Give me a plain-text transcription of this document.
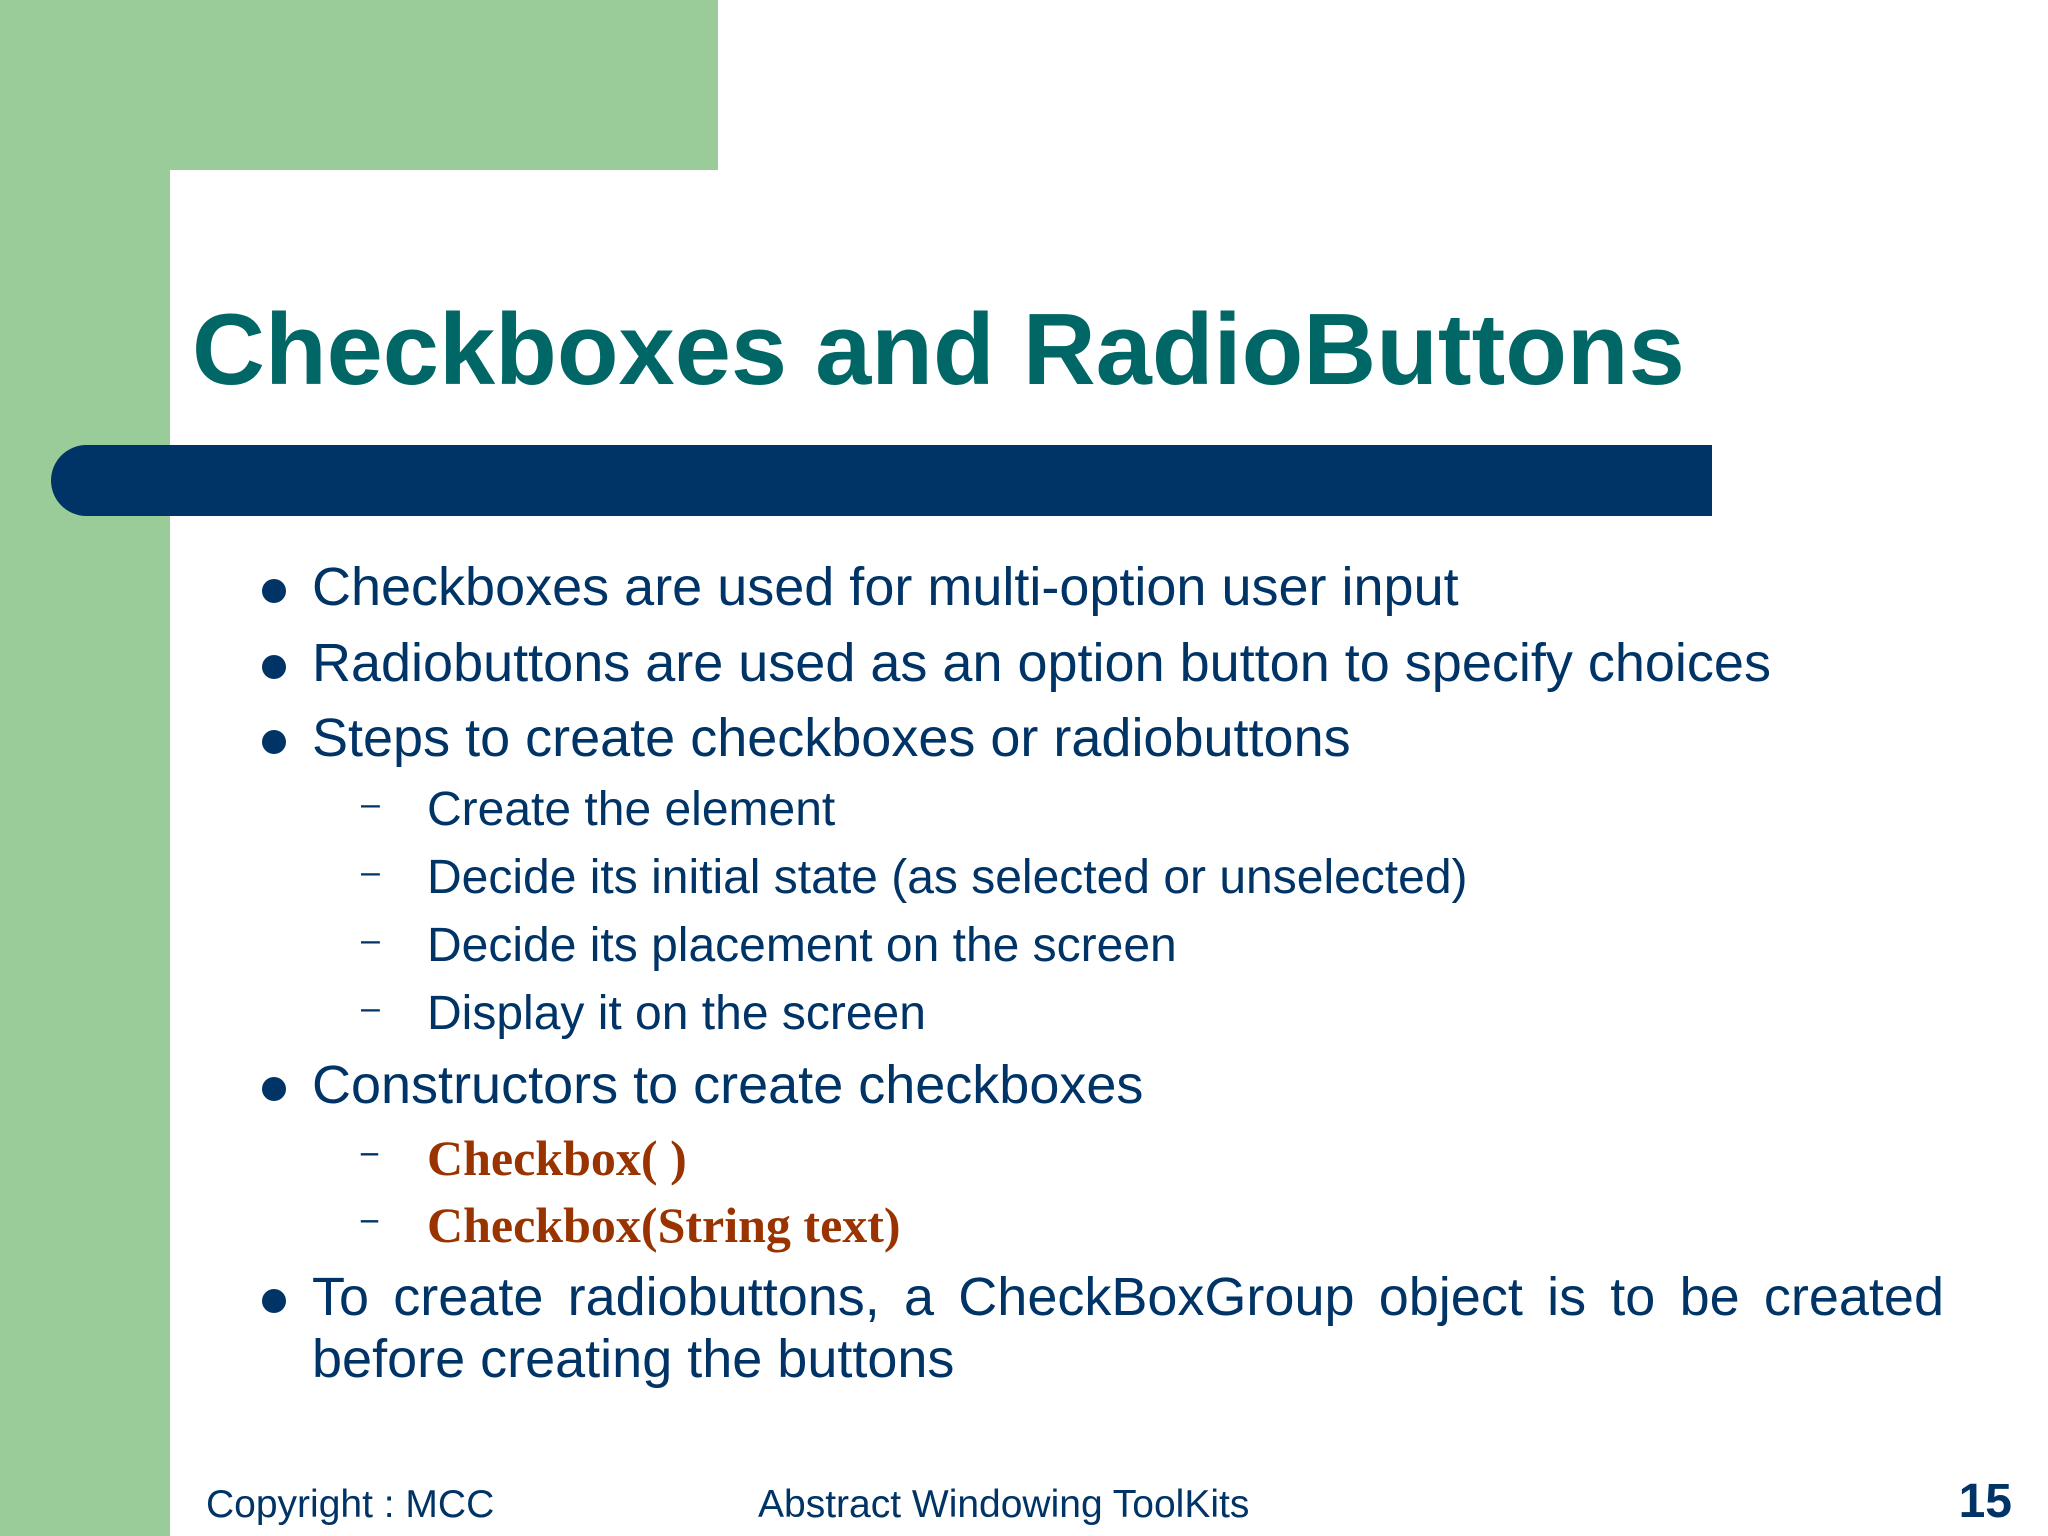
Checkboxes and RadioButtons
Checkboxes are used for multi-option user input
Radiobuttons are used as an option button to specify choices
Steps to create checkboxes or radiobuttons
– Create the element
– Decide its initial state (as selected or unselected)
– Decide its placement on the screen
– Display it on the screen
Constructors to create checkboxes
– Checkbox( )
– Checkbox(String text)
To create radiobuttons, a CheckBoxGroup object is to be created before creating the buttons
Copyright : MCC	Abstract Windowing ToolKits	15
